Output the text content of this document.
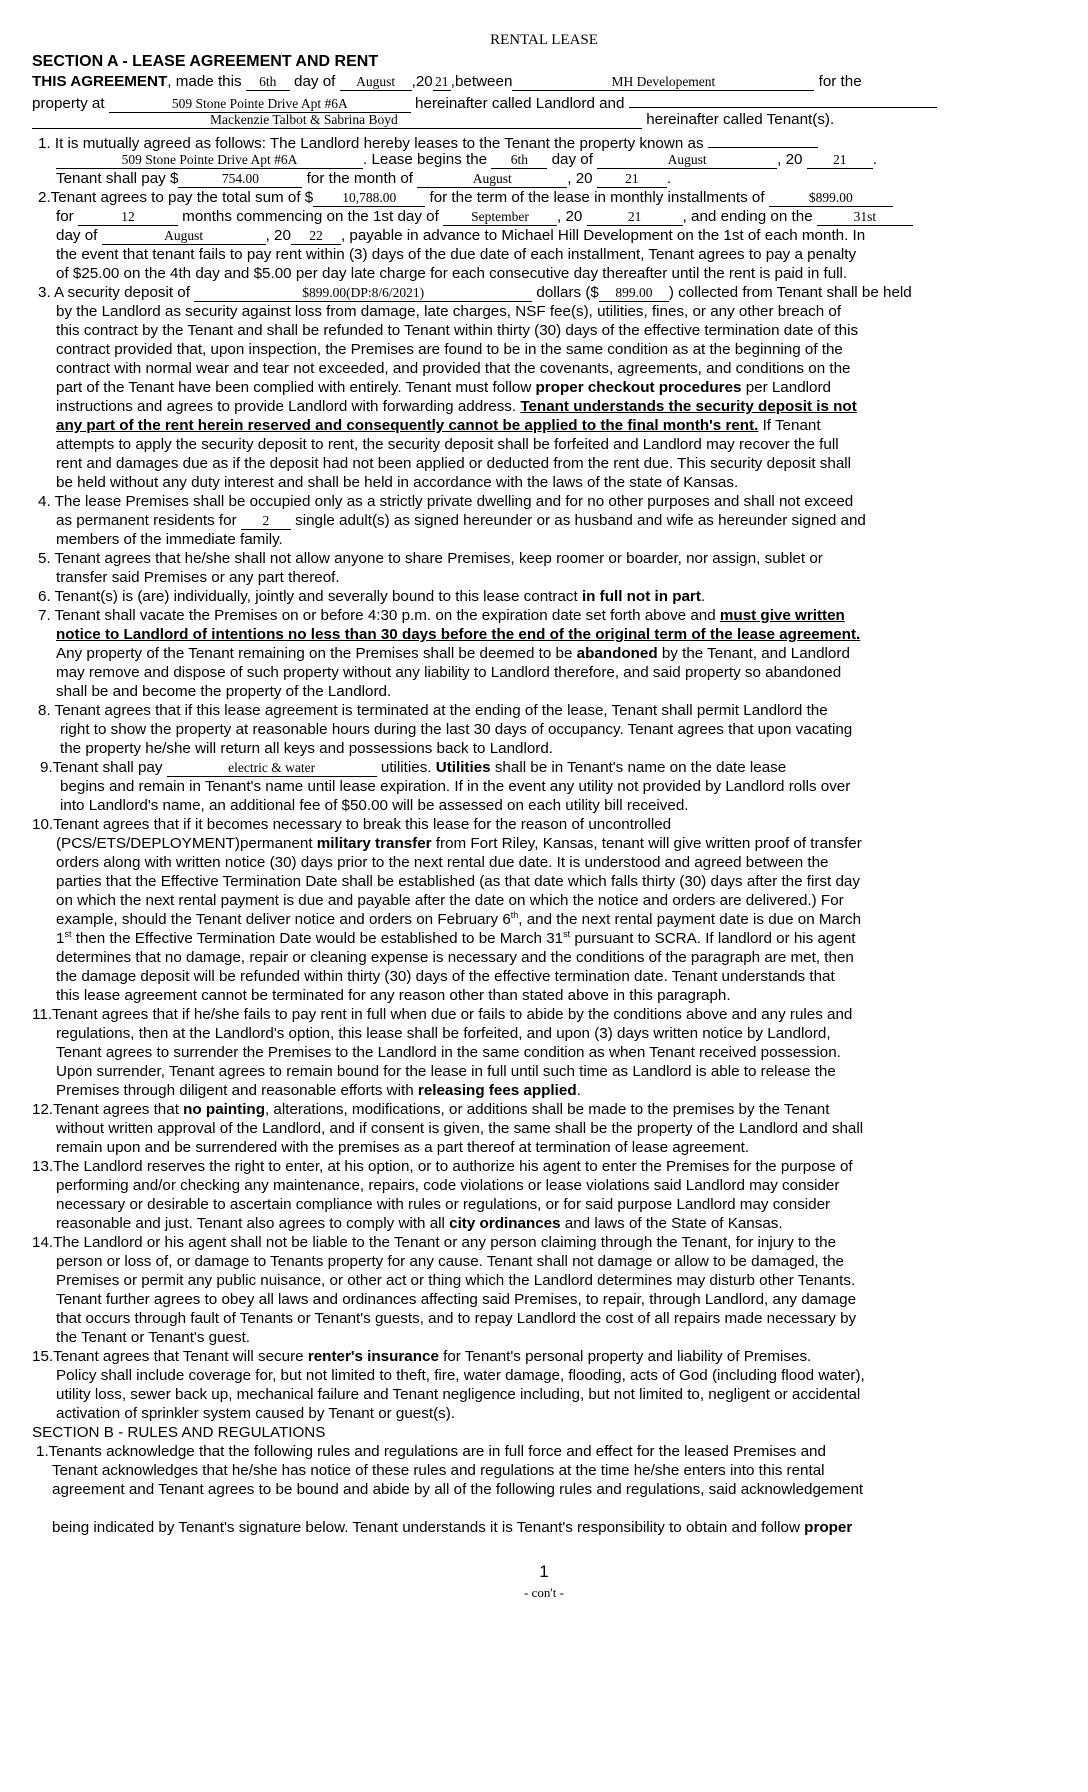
RENTAL LEASE
SECTION A - LEASE AGREEMENT AND RENT
THIS AGREEMENT, made this 6th day of August ,20 21 ,between	MH Developement	for the
property at	509 Stone Pointe Drive Apt #6A	hereinafter called Landlord and
Mackenzie Talbot & Sabrina Boyd	hereinafter called Tenant(s).
1. It is mutually agreed as follows: The Landlord hereby leases to the Tenant the property known as
509 Stone Pointe Drive Apt #6A	. Lease begins the 6th day of	August	, 20 21 .
Tenant shall pay $	754.00	for the month of	August	, 20 21 .
2.Tenant agrees to pay the total sum of $ 10,788.00 for the term of the lease in monthly installments of	$899.00
for	12	months commencing on the 1st day of September , 20	21	, and ending on the	31st
day of	August	, 20 22 , payable in advance to Michael Hill Development on the 1st of each month. In
the event that tenant fails to pay rent within (3) days of the due date of each installment, Tenant agrees to pay a penalty
of $25.00 on the 4th day and $5.00 per day late charge for each consecutive day thereafter until the rent is paid in full.
3. A security deposit of	$899.00(DP:8/6/2021)	dollars ($ 899.00 ) collected from Tenant shall be held
by the Landlord as security against loss from damage, late charges, NSF fee(s), utilities, fines, or any other breach of
this contract by the Tenant and shall be refunded to Tenant within thirty (30) days of the effective termination date of this
contract provided that, upon inspection, the Premises are found to be in the same condition as at the beginning of the
contract with normal wear and tear not exceeded, and provided that the covenants, agreements, and conditions on the
part of the Tenant have been complied with entirely. Tenant must follow proper checkout procedures per Landlord
instructions and agrees to provide Landlord with forwarding address. Tenant understands the security deposit is not
any part of the rent herein reserved and consequently cannot be applied to the final month's rent. If Tenant
attempts to apply the security deposit to rent, the security deposit shall be forfeited and Landlord may recover the full
rent and damages due as if the deposit had not been applied or deducted from the rent due. This security deposit shall
be held without any duty interest and shall be held in accordance with the laws of the state of Kansas.
4. The lease Premises shall be occupied only as a strictly private dwelling and for no other purposes and shall not exceed
as permanent residents for 2 single adult(s) as signed hereunder or as husband and wife as hereunder signed and
members of the immediate family.
5. Tenant agrees that he/she shall not allow anyone to share Premises, keep roomer or boarder, nor assign, sublet or
transfer said Premises or any part thereof.
6. Tenant(s) is (are) individually, jointly and severally bound to this lease contract in full not in part.
7. Tenant shall vacate the Premises on or before 4:30 p.m. on the expiration date set forth above and must give written
notice to Landlord of intentions no less than 30 days before the end of the original term of the lease agreement.
Any property of the Tenant remaining on the Premises shall be deemed to be abandoned by the Tenant, and Landlord
may remove and dispose of such property without any liability to Landlord therefore, and said property so abandoned
shall be and become the property of the Landlord.
8. Tenant agrees that if this lease agreement is terminated at the ending of the lease, Tenant shall permit Landlord the
right to show the property at reasonable hours during the last 30 days of occupancy. Tenant agrees that upon vacating
the property he/she will return all keys and possessions back to Landlord.
9.Tenant shall pay	electric & water	utilities. Utilities shall be in Tenant's name on the date lease
begins and remain in Tenant's name until lease expiration. If in the event any utility not provided by Landlord rolls over
into Landlord's name, an additional fee of $50.00 will be assessed on each utility bill received.
10.Tenant agrees that if it becomes necessary to break this lease for the reason of uncontrolled
(PCS/ETS/DEPLOYMENT)permanent military transfer from Fort Riley, Kansas, tenant will give written proof of transfer
orders along with written notice (30) days prior to the next rental due date. It is understood and agreed between the
parties that the Effective Termination Date shall be established (as that date which falls thirty (30) days after the first day
on which the next rental payment is due and payable after the date on which the notice and orders are delivered.) For
example, should the Tenant deliver notice and orders on February 6th, and the next rental payment date is due on March
1st then the Effective Termination Date would be established to be March 31st pursuant to SCRA. If landlord or his agent
determines that no damage, repair or cleaning expense is necessary and the conditions of the paragraph are met, then
the damage deposit will be refunded within thirty (30) days of the effective termination date. Tenant understands that
this lease agreement cannot be terminated for any reason other than stated above in this paragraph.
11.Tenant agrees that if he/she fails to pay rent in full when due or fails to abide by the conditions above and any rules and
regulations, then at the Landlord's option, this lease shall be forfeited, and upon (3) days written notice by Landlord,
Tenant agrees to surrender the Premises to the Landlord in the same condition as when Tenant received possession.
Upon surrender, Tenant agrees to remain bound for the lease in full until such time as Landlord is able to release the
Premises through diligent and reasonable efforts with releasing fees applied.
12.Tenant agrees that no painting, alterations, modifications, or additions shall be made to the premises by the Tenant
without written approval of the Landlord, and if consent is given, the same shall be the property of the Landlord and shall
remain upon and be surrendered with the premises as a part thereof at termination of lease agreement.
13.The Landlord reserves the right to enter, at his option, or to authorize his agent to enter the Premises for the purpose of
performing and/or checking any maintenance, repairs, code violations or lease violations said Landlord may consider
necessary or desirable to ascertain compliance with rules or regulations, or for said purpose Landlord may consider
reasonable and just. Tenant also agrees to comply with all city ordinances and laws of the State of Kansas.
14.The Landlord or his agent shall not be liable to the Tenant or any person claiming through the Tenant, for injury to the
person or loss of, or damage to Tenants property for any cause. Tenant shall not damage or allow to be damaged, the
Premises or permit any public nuisance, or other act or thing which the Landlord determines may disturb other Tenants.
Tenant further agrees to obey all laws and ordinances affecting said Premises, to repair, through Landlord, any damage
that occurs through fault of Tenants or Tenant's guests, and to repay Landlord the cost of all repairs made necessary by
the Tenant or Tenant's guest.
15.Tenant agrees that Tenant will secure renter's insurance for Tenant's personal property and liability of Premises.
Policy shall include coverage for, but not limited to theft, fire, water damage, flooding, acts of God (including flood water),
utility loss, sewer back up, mechanical failure and Tenant negligence including, but not limited to, negligent or accidental
activation of sprinkler system caused by Tenant or guest(s).
SECTION B - RULES AND REGULATIONS
1.Tenants acknowledge that the following rules and regulations are in full force and effect for the leased Premises and
Tenant acknowledges that he/she has notice of these rules and regulations at the time he/she enters into this rental
agreement and Tenant agrees to be bound and abide by all of the following rules and regulations, said acknowledgement
being indicated by Tenant's signature below. Tenant understands it is Tenant's responsibility to obtain and follow proper
1
- con't -
